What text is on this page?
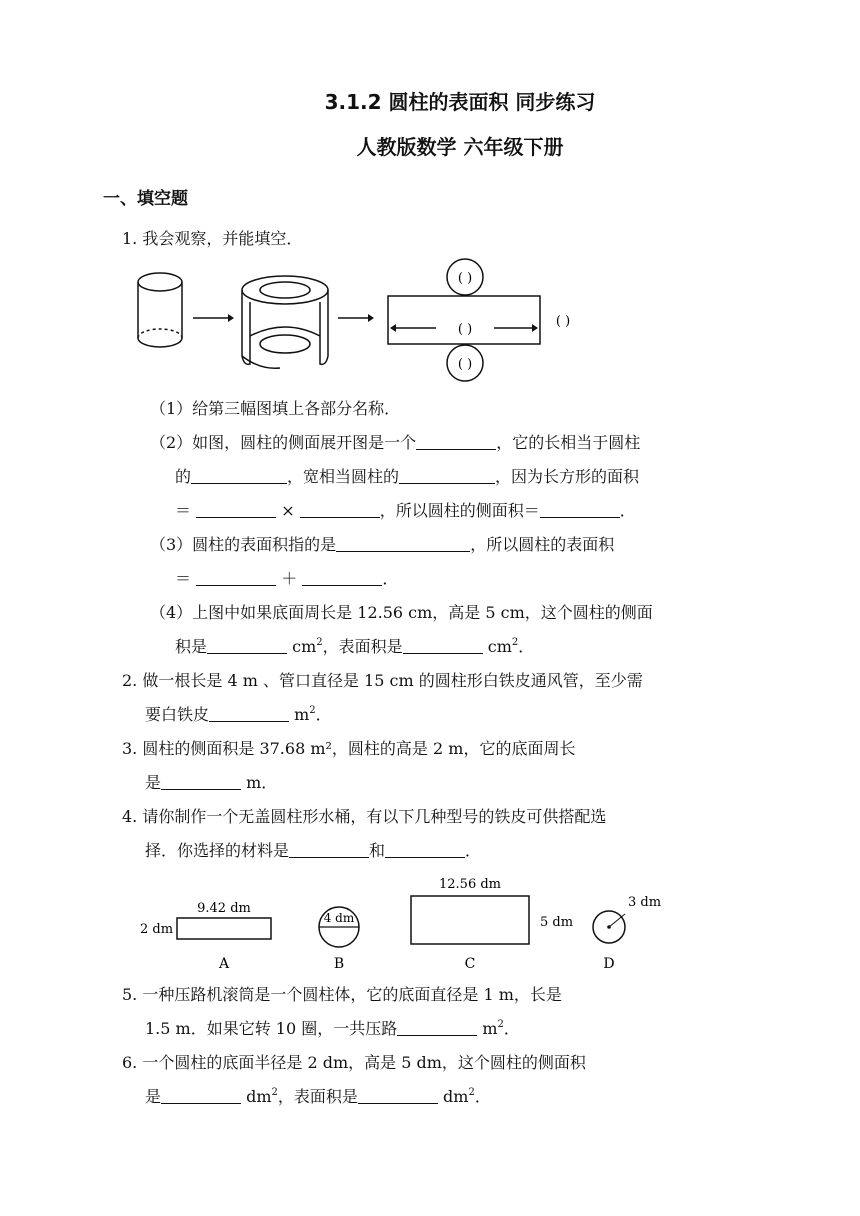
3.1.2 圆柱的表面积 同步练习
人教版数学 六年级下册
一、填空题
1. 我会观察，并能填空．
( )
( )
( )
( )
（1）给第三幅图填上各部分名称．
（2）如图，圆柱的侧面展开图是一个	，它的长相当于圆柱
的	，宽相当圆柱的	，因为长方形的面积
＝	×	，所以圆柱的侧面积＝	．
（3）圆柱的表面积指的是	，所以圆柱的表面积
＝	＋	．
（4）上图中如果底面周长是 12.56 cm，高是 5 cm，这个圆柱的侧面
积是	$cm^2$，表面积是	$cm^2$．
2. 做一根长是 4 m 、管口直径是 15 cm 的圆柱形白铁皮通风管，至少需
要白铁皮	$m^2$．
3. 圆柱的侧面积是 37.68 m²，圆柱的高是 2 m，它的底面周长
是	m．
4. 请你制作一个无盖圆柱形水桶，有以下几种型号的铁皮可供搭配选
择．你选择的材料是	和	．
9.42 dm
2 dm
A
4 dm
B
12.56 dm
5 dm
C
3 dm
D
5. 一种压路机滚筒是一个圆柱体，它的底面直径是 1 m，长是
1.5 m．如果它转 10 圈，一共压路	$m^2$．
6. 一个圆柱的底面半径是 2 dm，高是 5 dm，这个圆柱的侧面积
是	$dm^2$，表面积是	$dm^2$．
